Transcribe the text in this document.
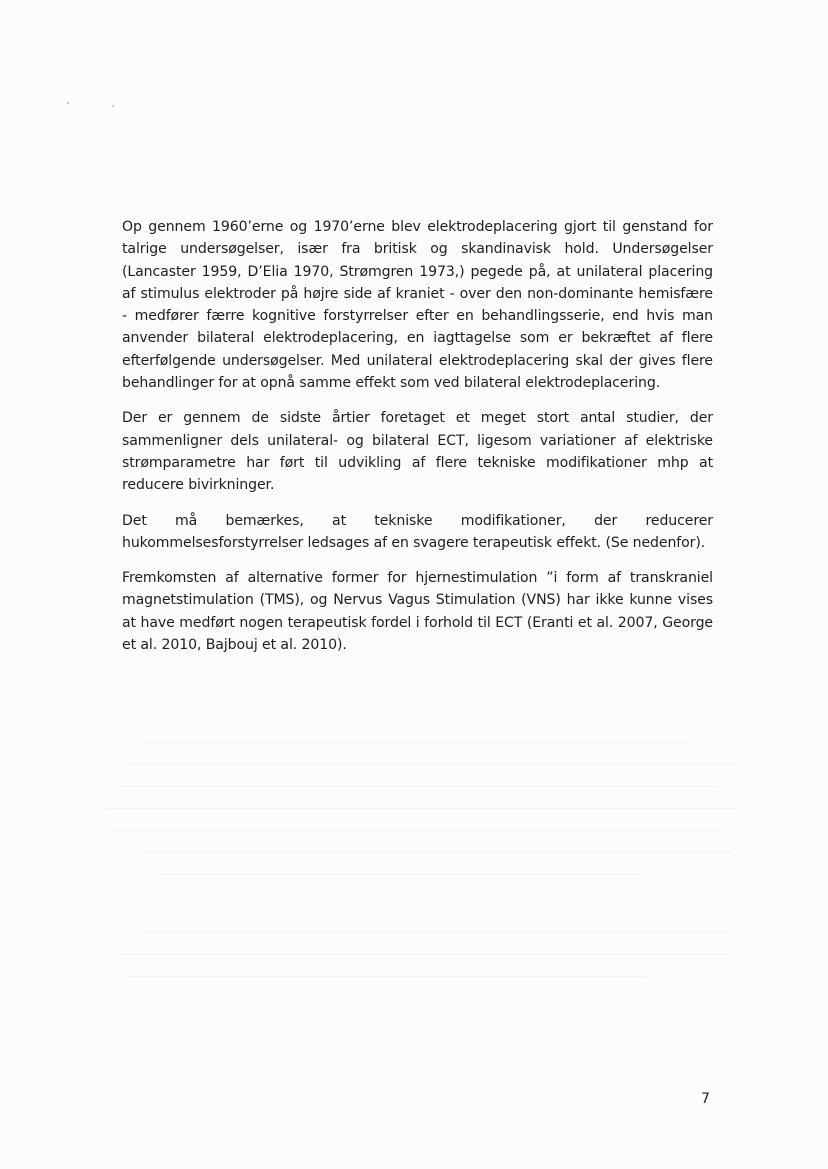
Op gennem 1960’erne og 1970’erne blev elektrodeplacering gjort til genstand for talrige undersøgelser, især fra britisk og skandinavisk hold. Undersøgelser (Lancaster 1959, D’Elia 1970, Strømgren 1973,) pegede på, at unilateral placering af stimulus elektroder på højre side af kraniet - over den non-dominante hemisfære - medfører færre kognitive forstyrrelser efter en behandlingsserie, end hvis man anvender bilateral elektrodeplacering, en iagttagelse som er bekræftet af flere efterfølgende undersøgelser. Med unilateral elektrodeplacering skal der gives flere behandlinger for at opnå samme effekt som ved bilateral elektrodeplacering.

Der er gennem de sidste årtier foretaget et meget stort antal studier, der sammenligner dels unilateral- og bilateral ECT, ligesom variationer af elektriske strømparametre har ført til udvikling af flere tekniske modifikationer mhp at reducere bivirkninger.

Det må bemærkes, at tekniske modifikationer, der reducerer hukommelsesforstyrrelser ledsages af en svagere terapeutisk effekt. (Se nedenfor).

Fremkomsten af alternative former for hjernestimulation ”i form af transkraniel magnetstimulation (TMS), og Nervus Vagus Stimulation (VNS) har ikke kunne vises at have medført nogen terapeutisk fordel i forhold til ECT (Eranti et al. 2007, George et al. 2010, Bajbouj et al. 2010).

7
